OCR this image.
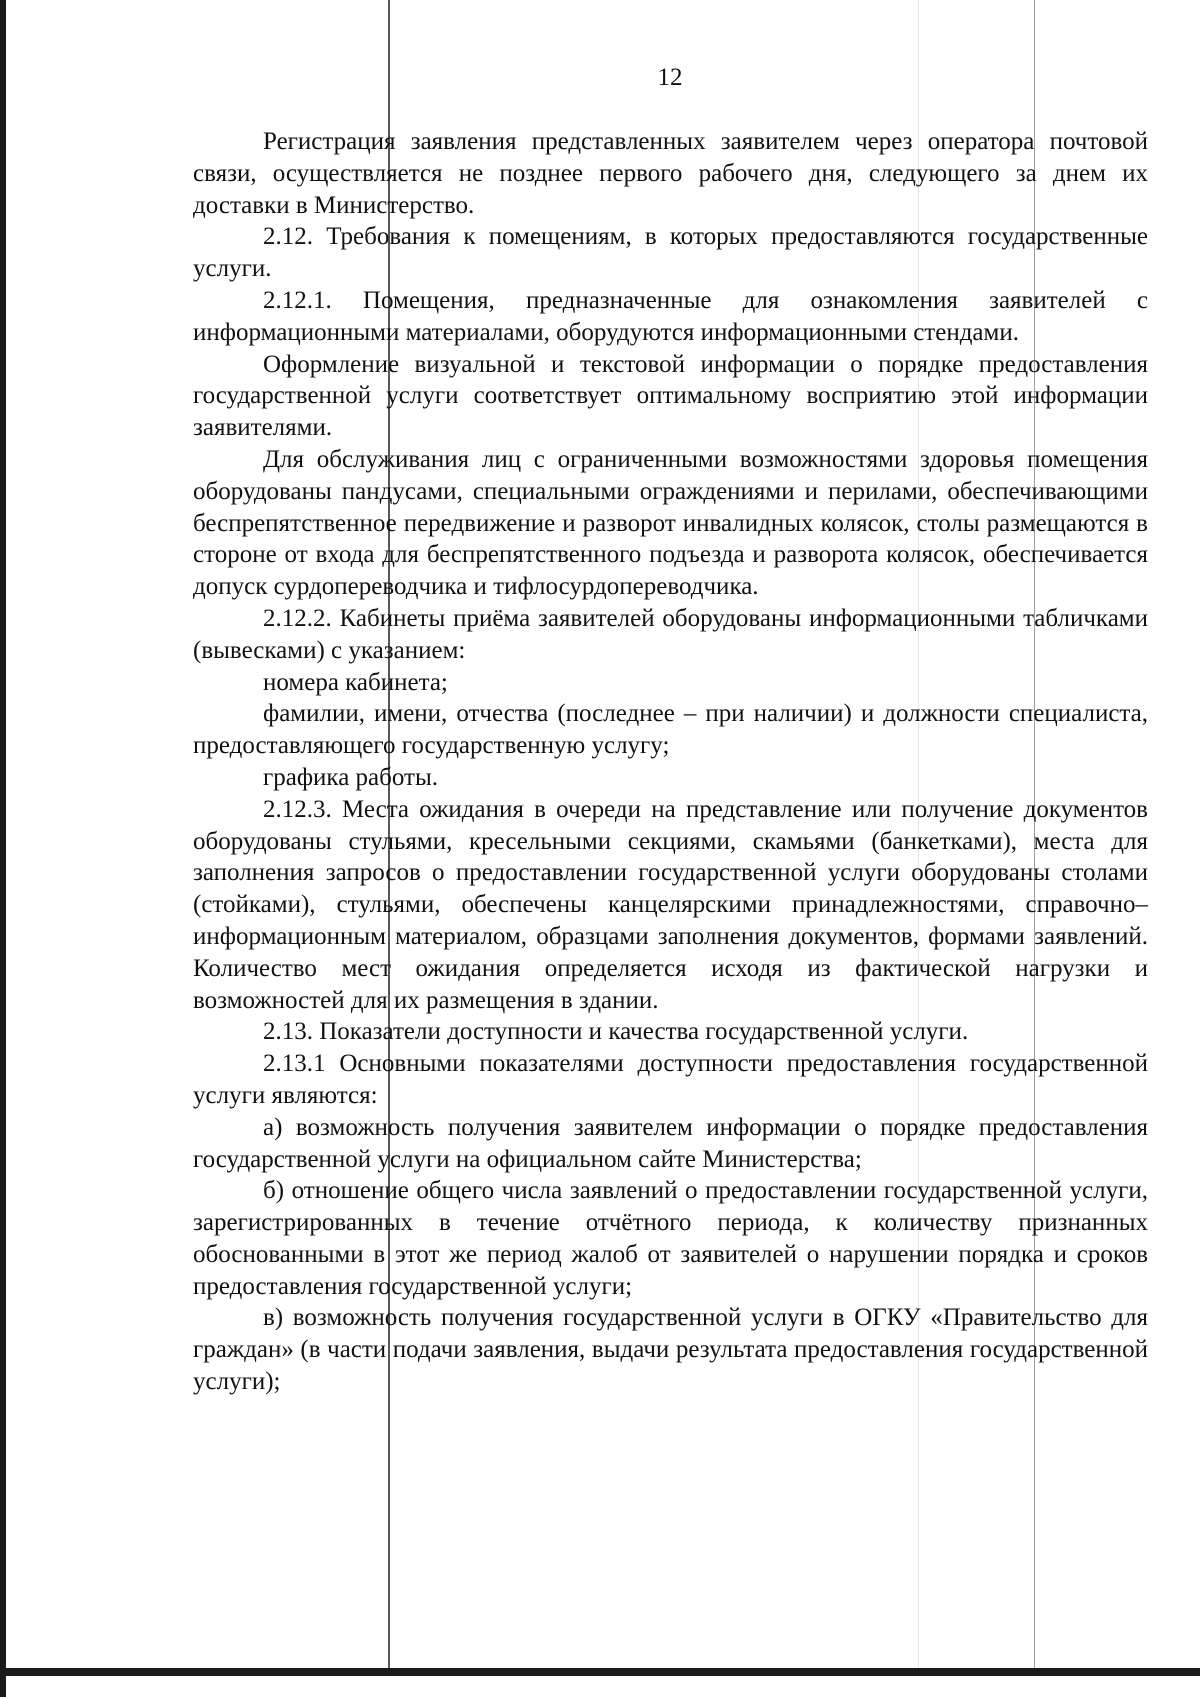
12

Регистрация заявления представленных заявителем через оператора почтовой связи, осуществляется не позднее первого рабочего дня, следующего за днем их доставки в Министерство.

2.12. Требования к помещениям, в которых предоставляются государственные услуги.

2.12.1. Помещения, предназначенные для ознакомления заявителей с информационными материалами, оборудуются информационными стендами.

Оформление визуальной и текстовой информации о порядке предоставления государственной услуги соответствует оптимальному восприятию этой информации заявителями.

Для обслуживания лиц с ограниченными возможностями здоровья помещения оборудованы пандусами, специальными ограждениями и перилами, обеспечивающими беспрепятственное передвижение и разворот инвалидных колясок, столы размещаются в стороне от входа для беспрепятственного подъезда и разворота колясок, обеспечивается допуск сурдопереводчика и тифлосурдопереводчика.

2.12.2. Кабинеты приёма заявителей оборудованы информационными табличками (вывесками) с указанием:

номера кабинета;

фамилии, имени, отчества (последнее – при наличии) и должности специалиста, предоставляющего государственную услугу;

графика работы.

2.12.3. Места ожидания в очереди на представление или получение документов оборудованы стульями, кресельными секциями, скамьями (банкетками), места для заполнения запросов о предоставлении государственной услуги оборудованы столами (стойками), стульями, обеспечены канцелярскими принадлежностями, справочно–информационным материалом, образцами заполнения документов, формами заявлений. Количество мест ожидания определяется исходя из фактической нагрузки и возможностей для их размещения в здании.

2.13. Показатели доступности и качества государственной услуги.

2.13.1 Основными показателями доступности предоставления государственной услуги являются:

а) возможность получения заявителем информации о порядке предоставления государственной услуги на официальном сайте Министерства;

б) отношение общего числа заявлений о предоставлении государственной услуги, зарегистрированных в течение отчётного периода, к количеству признанных обоснованными в этот же период жалоб от заявителей о нарушении порядка и сроков предоставления государственной услуги;

в) возможность получения государственной услуги в ОГКУ «Правительство для граждан» (в части подачи заявления, выдачи результата предоставления государственной услуги);
